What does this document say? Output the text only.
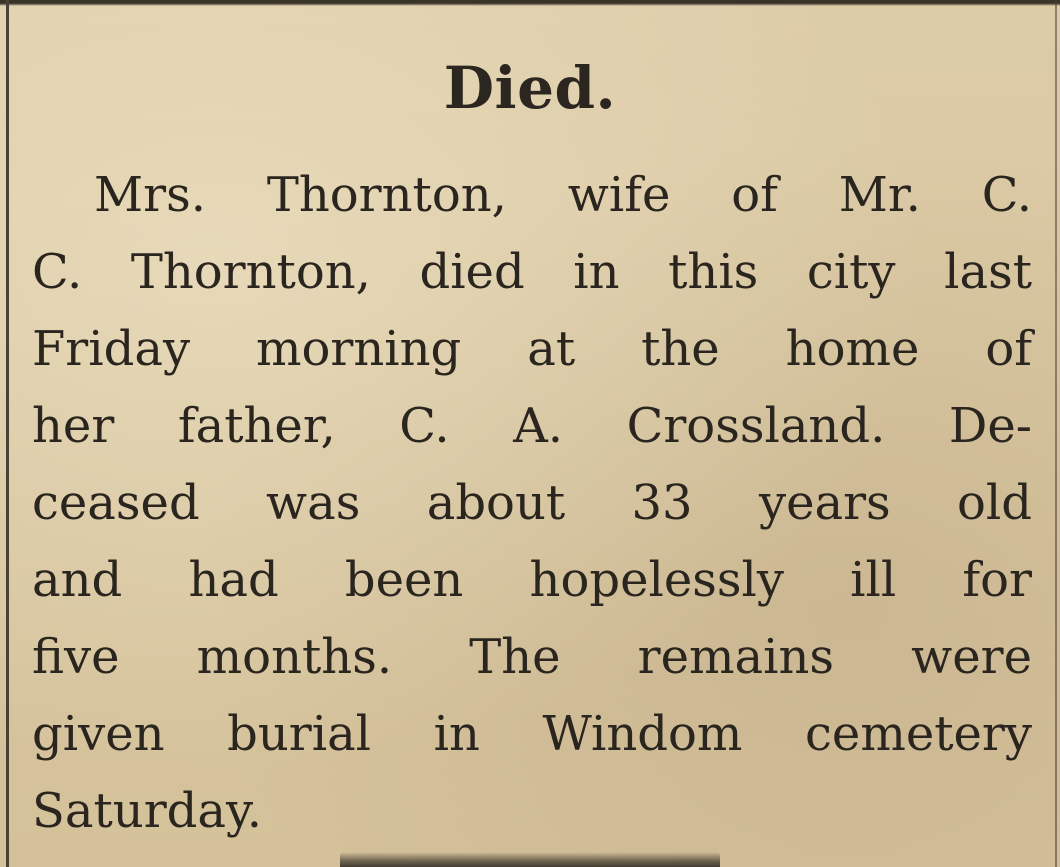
Died.
Mrs. Thornton, wife of Mr. C.
C. Thornton, died in this city last
Friday morning at the home of
her father, C. A. Crossland. De-
ceased was about 33 years old
and had been hopelessly ill for
five months. The remains were
given burial in Windom cemetery
Saturday.
